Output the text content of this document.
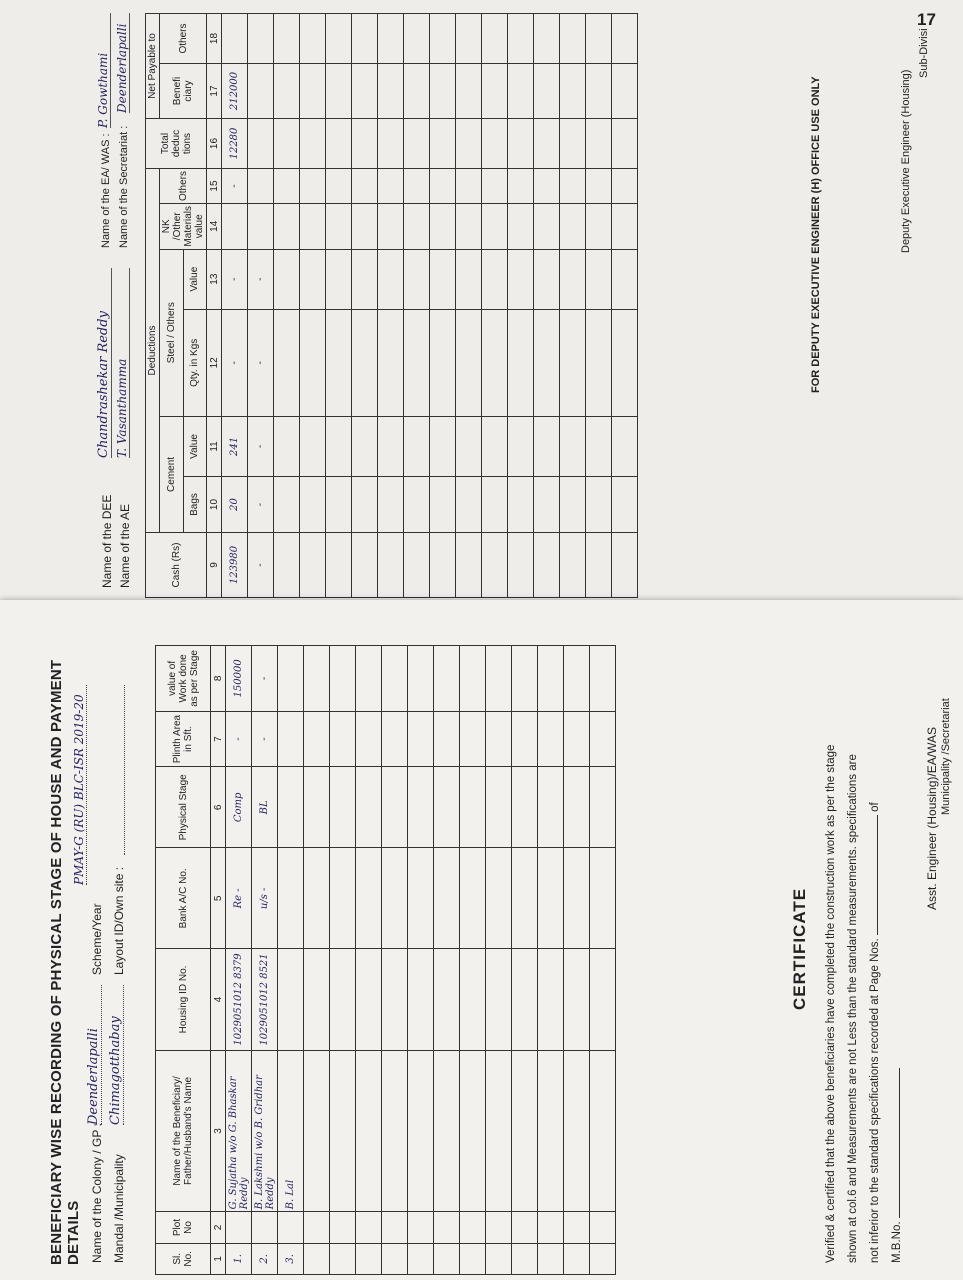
17
Name of the DEE
Chandrashekar Reddy
Name of the AE
T. Vasanthamma
Name of the EA/ WAS :
P. Gowthami
Name of the Secretariat :
Deenderlapalli
Cash (Rs)	Deductions						Total deduc tions	Net Payable to	
	Cement		Steel / Others		NK /Other Materials value	Others		Benefi ciary	Others
	Bags	Value	Qty. in Kgs	Value					
9	10	11	12	13	14	15	16	17	18
123980	20	241	-	-		-	12280	212000	
-	-	-	-	-					

										FOR DEPUTY EXECUTIVE ENGINEER (H) OFFICE USE ONLY	Deputy Executive Engineer (Housing)
Sub-Divisi
BENEFICIARY WISE RECORDING OF PHYSICAL STAGE OF HOUSE AND PAYMENT DETAILS Name of the Colony / GP :
Deenderlapalli
Scheme/Year
PMAY-G (RU) BLC-ISR 2019-20
Mandal /Municipality
Chimagotthabay
Layout ID/Own site :
Sl. No.	Plot No	Name of the Beneficiary/ Father/Husband's Name	Housing ID No.	Bank A/C No.	Physical Stage	Plinth Area in Sft.	value of Work done as per Stage
1	2	3	4	5	6	7	8
1.		G. Sujatha w/o G. Bhaskar Reddy	1029051012 8379	Re -	Comp	-	150000
2.		B. Lakshmi w/o B. Gridhar Reddy	1029051012 8521	u/s -	BL	-	-
3.		B. Lal					

CERTIFICATE	Verified & certified that the above beneficiaries have completed the construction work as per the stage shown at col.6 and Measurements are not Less than the standard measurements. specifications are not inferior to the standard specifications recorded at Page Nos.  of
M.B.No.
Asst. Engineer (Housing)/EA/WAS Municipality /Secretariat
